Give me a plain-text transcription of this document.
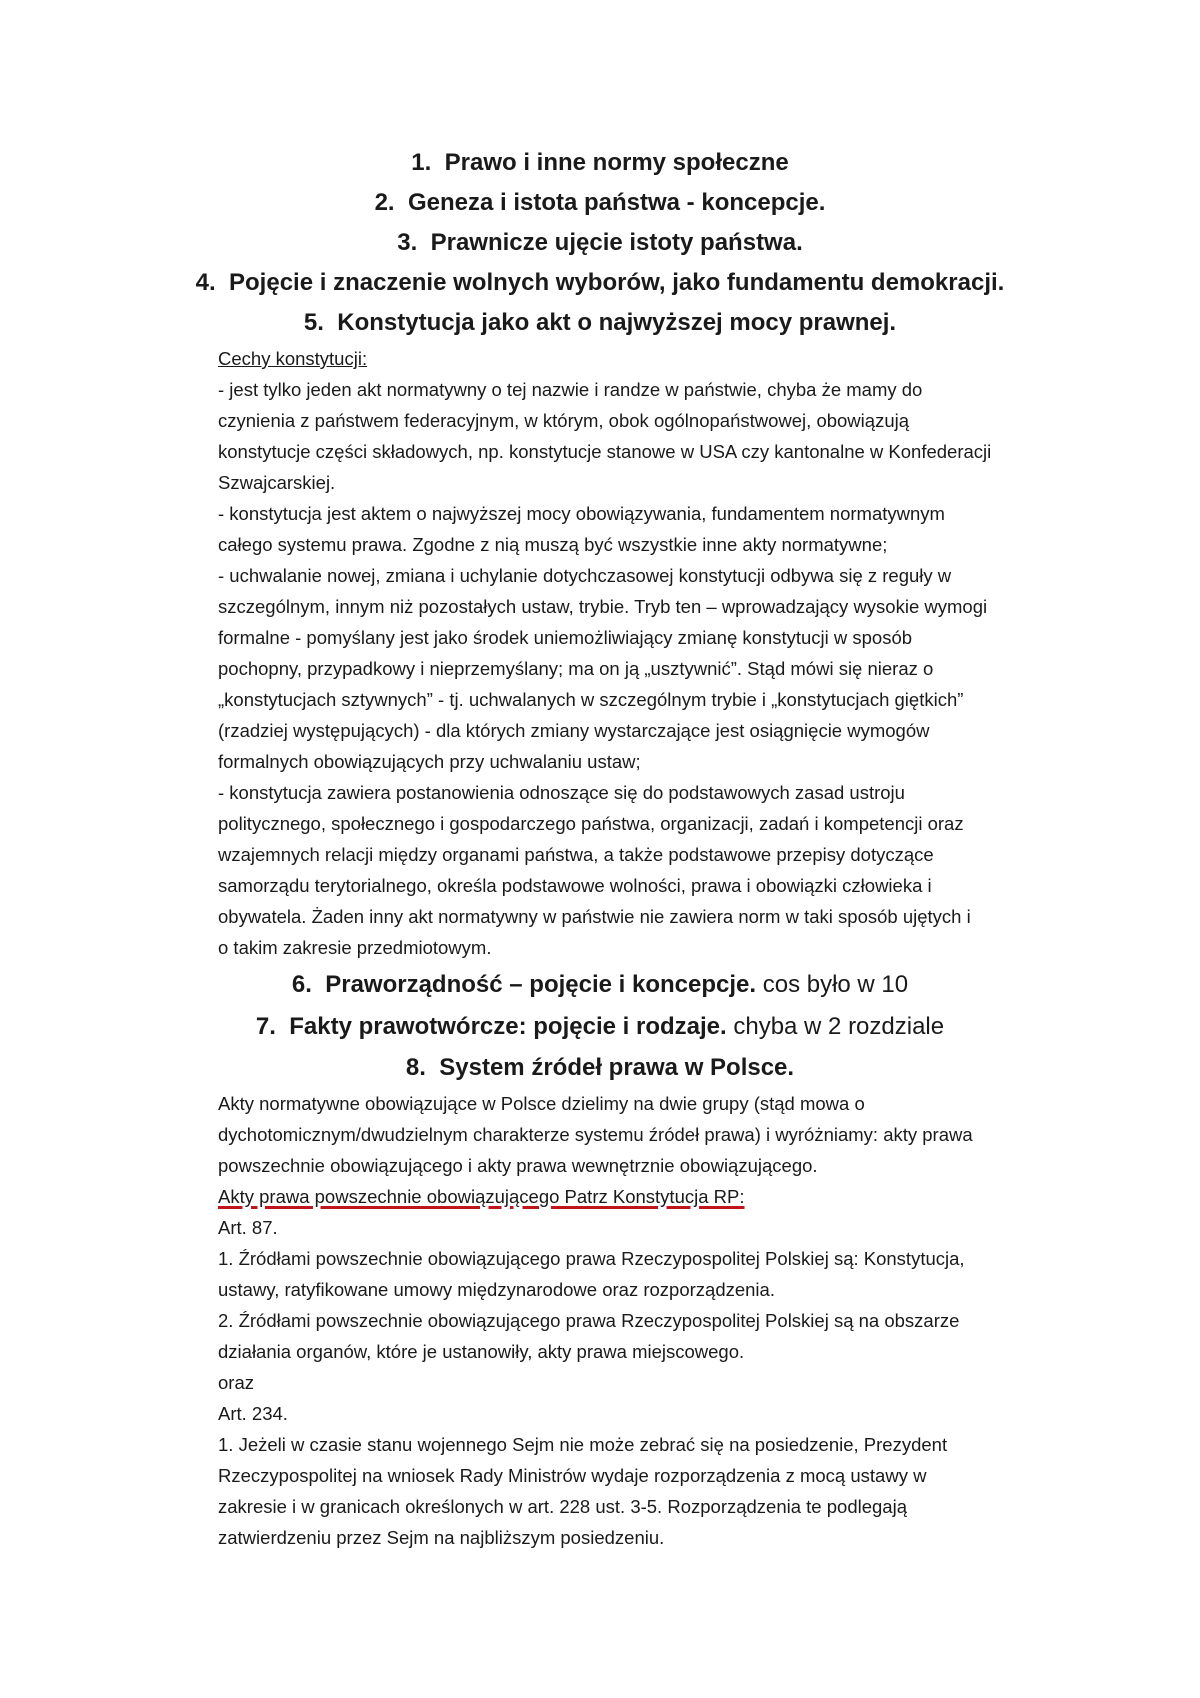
1. Prawo i inne normy społeczne
2. Geneza i istota państwa - koncepcje.
3. Prawnicze ujęcie istoty państwa.
4. Pojęcie i znaczenie wolnych wyborów, jako fundamentu demokracji.
5. Konstytucja jako akt o najwyższej mocy prawnej.

Cechy konstytucji:

- jest tylko jeden akt normatywny o tej nazwie i randze w państwie, chyba że mamy do

czynienia z państwem federacyjnym, w którym, obok ogólnopaństwowej, obowiązują

konstytucje części składowych, np. konstytucje stanowe w USA czy kantonalne w Konfederacji

Szwajcarskiej.

- konstytucja jest aktem o najwyższej mocy obowiązywania, fundamentem normatywnym

całego systemu prawa. Zgodne z nią muszą być wszystkie inne akty normatywne;

- uchwalanie nowej, zmiana i uchylanie dotychczasowej konstytucji odbywa się z reguły w

szczególnym, innym niż pozostałych ustaw, trybie. Tryb ten – wprowadzający wysokie wymogi

formalne - pomyślany jest jako środek uniemożliwiający zmianę konstytucji w sposób

pochopny, przypadkowy i nieprzemyślany; ma on ją „usztywnić”. Stąd mówi się nieraz o

„konstytucjach sztywnych” - tj. uchwalanych w szczególnym trybie i „konstytucjach giętkich”

(rzadziej występujących) - dla których zmiany wystarczające jest osiągnięcie wymogów

formalnych obowiązujących przy uchwalaniu ustaw;

- konstytucja zawiera postanowienia odnoszące się do podstawowych zasad ustroju

politycznego, społecznego i gospodarczego państwa, organizacji, zadań i kompetencji oraz

wzajemnych relacji między organami państwa, a także podstawowe przepisy dotyczące

samorządu terytorialnego, określa podstawowe wolności, prawa i obowiązki człowieka i

obywatela. Żaden inny akt normatywny w państwie nie zawiera norm w taki sposób ujętych i

o takim zakresie przedmiotowym.

6. Praworządność – pojęcie i koncepcje. cos było w 10
7. Fakty prawotwórcze: pojęcie i rodzaje. chyba w 2 rozdziale
8. System źródeł prawa w Polsce.

Akty normatywne obowiązujące w Polsce dzielimy na dwie grupy (stąd mowa o

dychotomicznym/dwudzielnym charakterze systemu źródeł prawa) i wyróżniamy: akty prawa

powszechnie obowiązującego i akty prawa wewnętrznie obowiązującego.

Akty prawa powszechnie obowiązującego Patrz Konstytucja RP:

Art. 87.

1. Źródłami powszechnie obowiązującego prawa Rzeczypospolitej Polskiej są: Konstytucja,

ustawy, ratyfikowane umowy międzynarodowe oraz rozporządzenia.

2. Źródłami powszechnie obowiązującego prawa Rzeczypospolitej Polskiej są na obszarze

działania organów, które je ustanowiły, akty prawa miejscowego.

oraz

Art. 234.

1. Jeżeli w czasie stanu wojennego Sejm nie może zebrać się na posiedzenie, Prezydent

Rzeczypospolitej na wniosek Rady Ministrów wydaje rozporządzenia z mocą ustawy w

zakresie i w granicach określonych w art. 228 ust. 3-5. Rozporządzenia te podlegają

zatwierdzeniu przez Sejm na najbliższym posiedzeniu.
